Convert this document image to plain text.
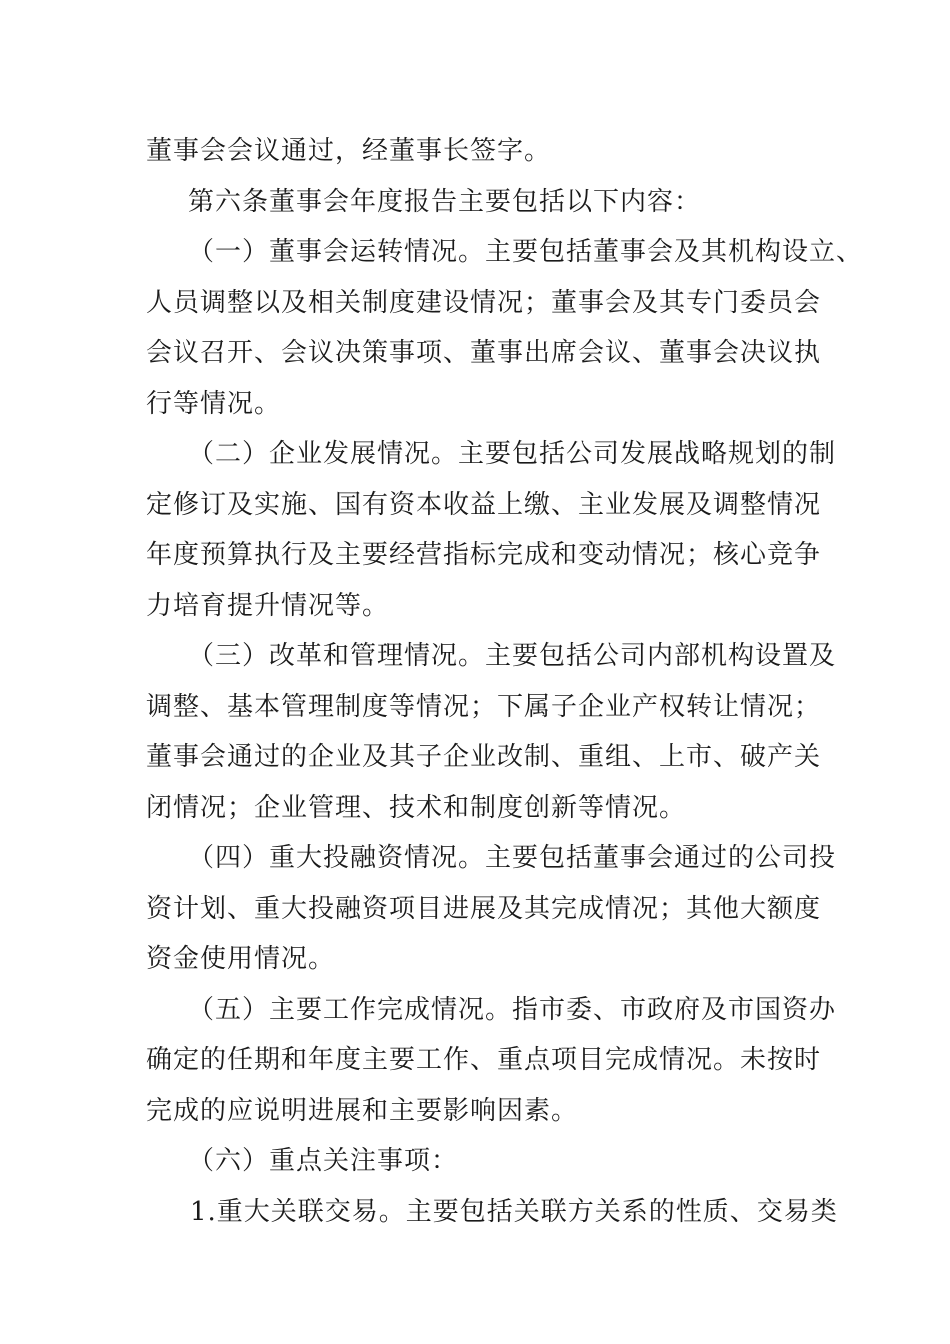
董事会会议通过，经董事长签字。
第六条董事会年度报告主要包括以下内容：
（一）董事会运转情况。主要包括董事会及其机构设立、
人员调整以及相关制度建设情况；董事会及其专门委员会
会议召开、会议决策事项、董事出席会议、董事会决议执
行等情况。
（二）企业发展情况。主要包括公司发展战略规划的制
定修订及实施、国有资本收益上缴、主业发展及调整情况
年度预算执行及主要经营指标完成和变动情况；核心竞争
力培育提升情况等。
（三）改革和管理情况。主要包括公司内部机构设置及
调整、基本管理制度等情况；下属子企业产权转让情况；
董事会通过的企业及其子企业改制、重组、上市、破产关
闭情况；企业管理、技术和制度创新等情况。
（四）重大投融资情况。主要包括董事会通过的公司投
资计划、重大投融资项目进展及其完成情况；其他大额度
资金使用情况。
（五）主要工作完成情况。指市委、市政府及市国资办
确定的任期和年度主要工作、重点项目完成情况。未按时
完成的应说明进展和主要影响因素。
（六）重点关注事项：
1.重大关联交易。主要包括关联方关系的性质、交易类
